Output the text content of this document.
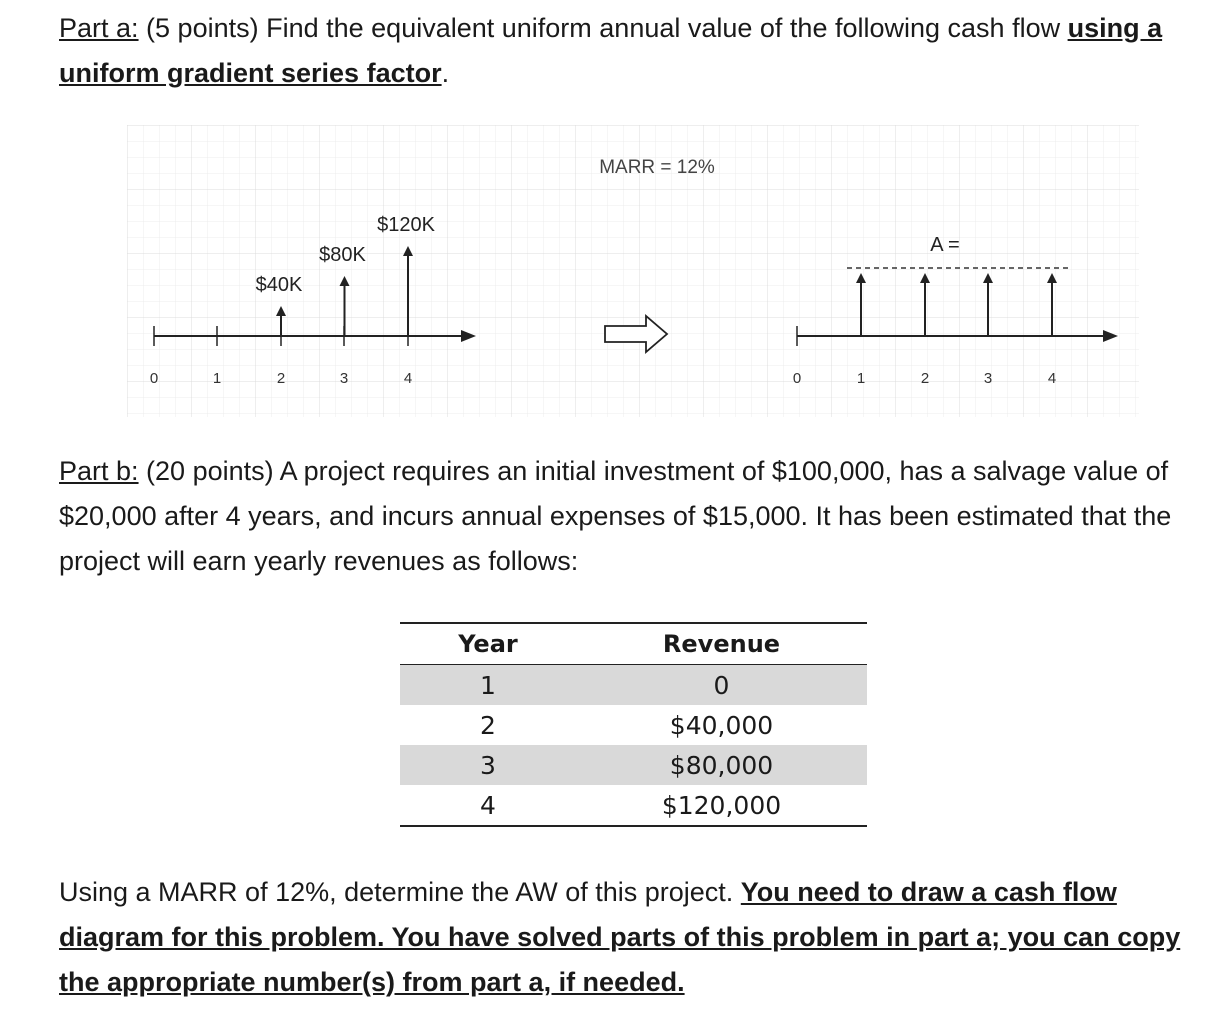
Part a: (5 points) Find the equivalent uniform annual value of the following cash flow using a uniform gradient series factor.
MARR = 12%
0	1	2	3	4
$40K
$80K
$120K
0	1	2	3	4
A =
Part b: (20 points) A project requires an initial investment of $100,000, has a salvage value of $20,000 after 4 years, and incurs annual expenses of $15,000. It has been estimated that the project will earn yearly revenues as follows:
Year	Revenue
1	0
2	$40,000
3	$80,000
4	$120,000
Using a MARR of 12%, determine the AW of this project. You need to draw a cash flow diagram for this problem. You have solved parts of this problem in part a; you can copy the appropriate number(s) from part a, if needed.
